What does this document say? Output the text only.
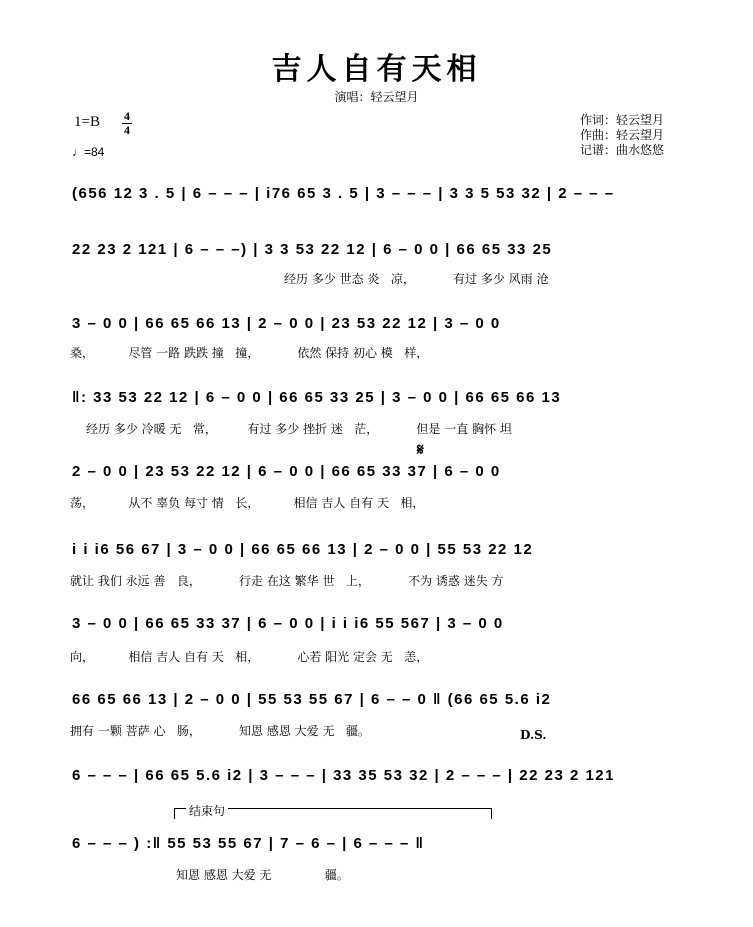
吉人自有天相
演唱：轻云望月
1=B 4
4
♩=84
作词：轻云望月
作曲：轻云望月
记谱：曲水悠悠
(656 12 3 . 5 | 6 – – – | i76 65 3 . 5 | 3 – – – | 3 3 5 53 32 | 2 – – –
22 23 2 121 | 6 – – –) | 3 3 53 22 12 | 6 – 0 0 | 66 65 33 25
经历 多少 世态 炎   凉，          有过 多少 风雨 沧
3 – 0 0 | 66 65 66 13 | 2 – 0 0 | 23 53 22 12 | 3 – 0 0
桑，         尽管 一路 跌跌 撞   撞，          依然 保持 初心 模   样，
‖: 33 53 22 12 | 6 – 0 0 | 66 65 33 25 | 3 – 0 0 | 66 65 66 13
经历 多少 冷暖 无   常，        有过 多少 挫折 迷   茫，          但是 一直 胸怀 坦
𝄋
2 – 0 0 | 23 53 22 12 | 6 – 0 0 | 66 65 33 37 | 6 – 0 0
荡，         从不 辜负 每寸 情   长，         相信 吉人 自有 天   相，
i i i6 56 67 | 3 – 0 0 | 66 65 66 13 | 2 – 0 0 | 55 53 22 12
就让 我们 永远 善   良，          行走 在这 繁华 世   上，          不为 诱惑 迷失 方
3 – 0 0 | 66 65 33 37 | 6 – 0 0 | i i i6 55 567 | 3 – 0 0
向，         相信 吉人 自有 天   相，          心若 阳光 定会 无   恙，
66 65 66 13 | 2 – 0 0 | 55 53 55 67 | 6 – – 0 ‖ (66 65 5.6 i2
拥有 一颗 菩萨 心   肠，          知恩 感恩 大爱 无   疆。	D.S.
6 – – – | 66 65 5.6 i2 | 3 – – – | 33 35 53 32 | 2 – – – | 22 23 2 121
结束句
6 – – – ) :‖ 55 53 55 67 | 7 – 6 – | 6 – – – ‖
知恩 感恩 大爱 无              疆。
